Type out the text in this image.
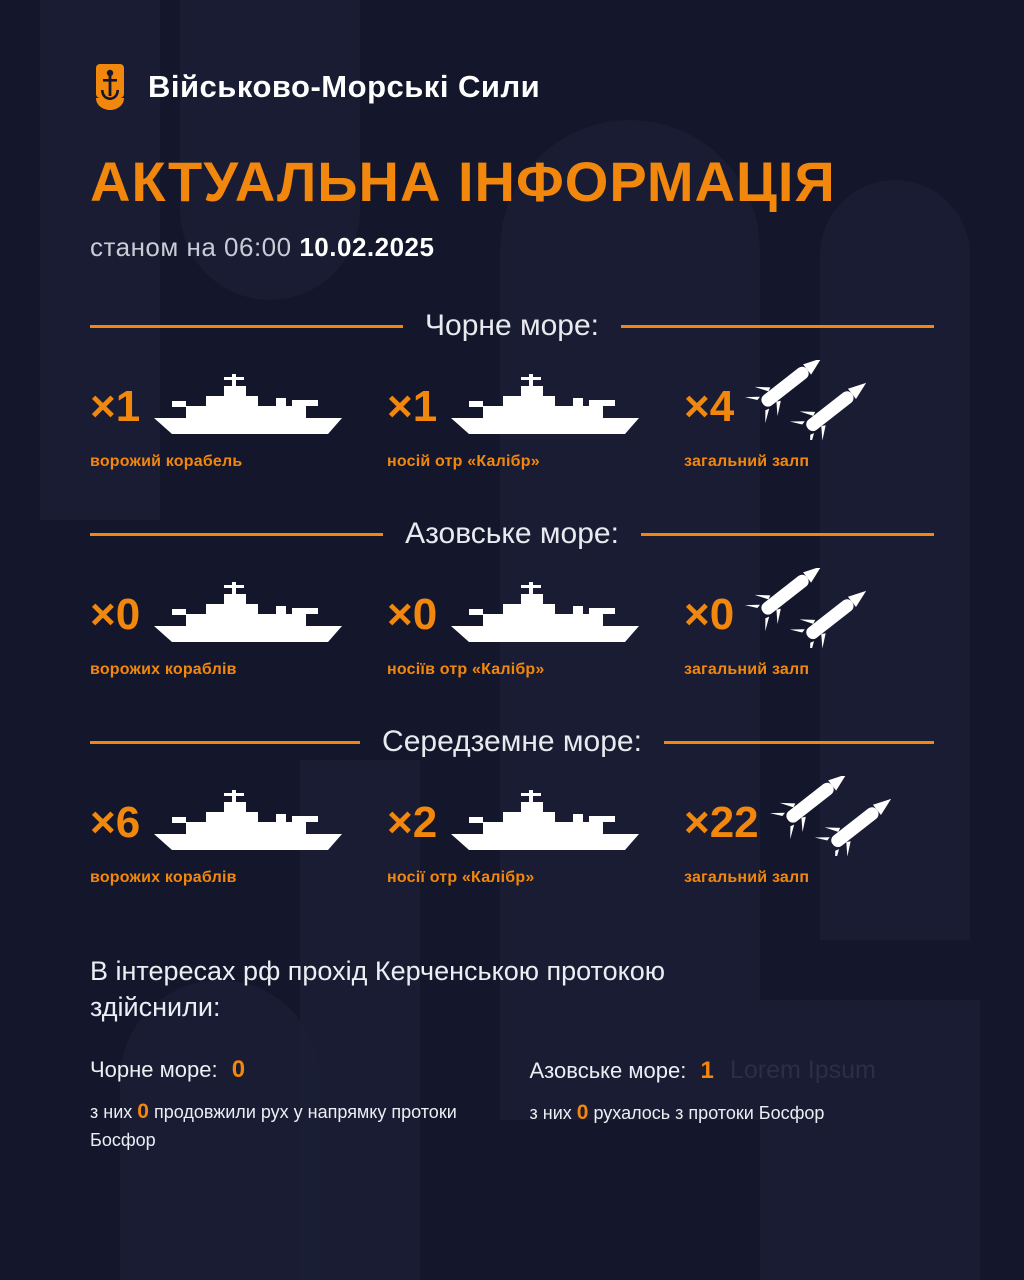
Військово-Морські Сили
АКТУАЛЬНА ІНФОРМАЦІЯ
станом на 06:00 10.02.2025
Чорне море:
×1
ворожий корабель
×1
носій отр «Калібр»
×4
загальний залп
Азовське море:
×0
ворожих кораблів
×0
носіїв отр «Калібр»
×0
загальний залп
Середземне море:
×6
ворожих кораблів
×2
носії отр «Калібр»
×22
загальний залп
В інтересах рф прохід Керченською протокою здійснили:
Чорне море: 0
з них 0 продовжили рух у напрямку протоки Босфор
Азовське море: 1 Lorem Ipsum
з них 0 рухалось з протоки Босфор
